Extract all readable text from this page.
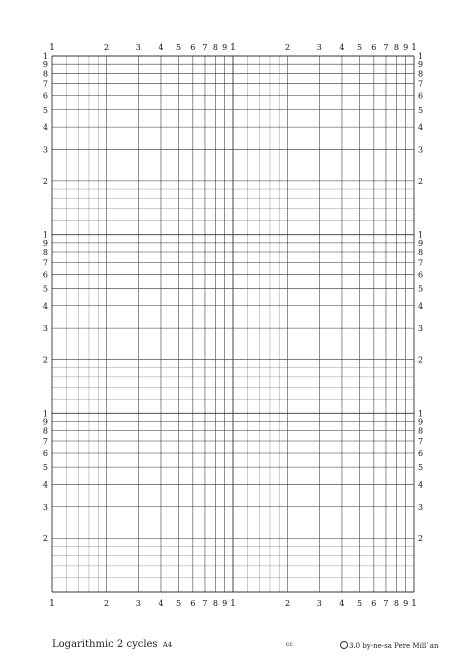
1
1
2
2
3
3
4
4
5
5
6
6
7
7
8
8
9
9
1
1
2
2
3
3
4
4
5
5
6
6
7
7
8
8
9
9
1
1
2	2
3	3
4	4
5	5
6	6
7	7
8	8
9	9
1	1
2	2
3	3
4	4
5	5
6	6
7	7
8	8
9	9
1	1
2	2
3	3
4	4
5	5
6	6
7	7
8	8
9	9
1	1
Logarithmic 2 cycles A4	cc	3.0 by-ne-sa Pere Mill`an
